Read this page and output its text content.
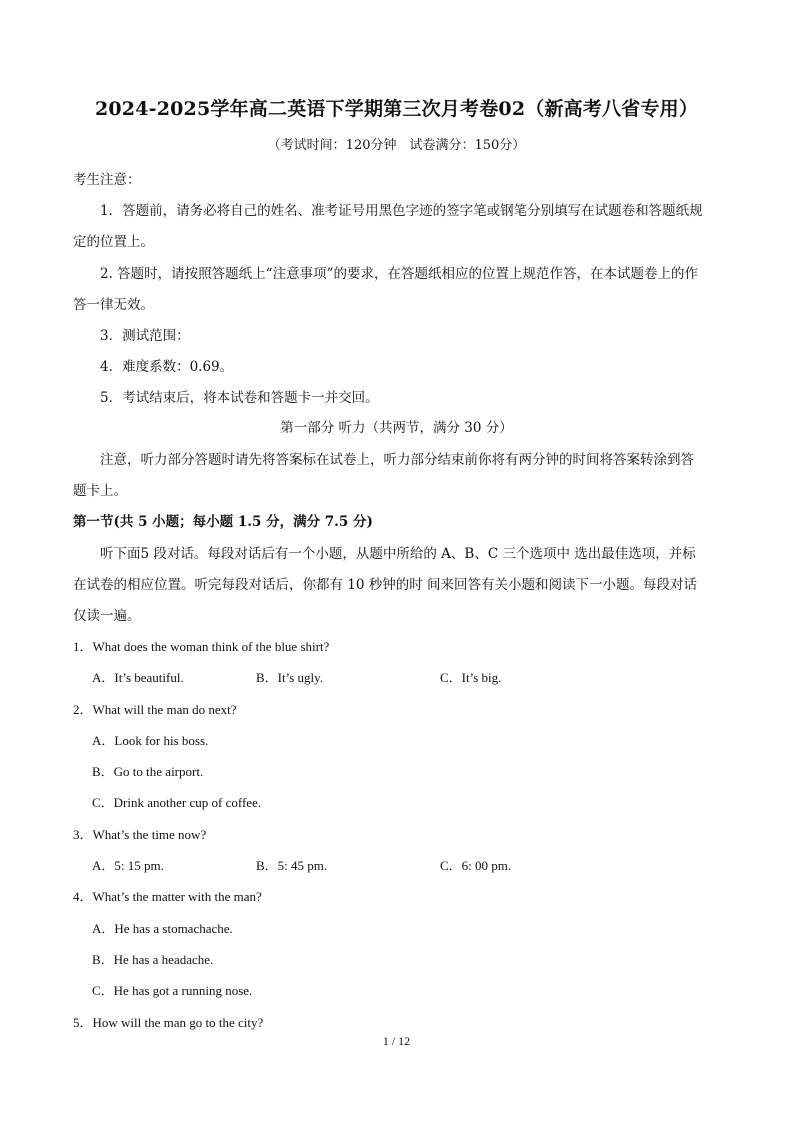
2024-2025学年高二英语下学期第三次月考卷02（新高考八省专用）
（考试时间：120分钟　试卷满分：150分）
考生注意：
1．答题前，请务必将自己的姓名、准考证号用黑色字迹的签字笔或钢笔分别填写在试题卷和答题纸规
定的位置上。
2. 答题时，请按照答题纸上“注意事项”的要求，在答题纸相应的位置上规范作答，在本试题卷上的作
答一律无效。
3．测试范围：
4．难度系数：0.69。
5．考试结束后，将本试卷和答题卡一并交回。
第一部分 听力（共两节，满分 30 分）
注意，听力部分答题时请先将答案标在试卷上，听力部分结束前你将有两分钟的时间将答案转涂到答
题卡上。
第一节(共 5 小题；每小题 1.5 分，满分 7.5 分)
听下面5 段对话。每段对话后有一个小题，从题中所给的 A、B、C 三个选项中 选出最佳选项，并标
在试卷的相应位置。听完每段对话后，你都有 10 秒钟的时 间来回答有关小题和阅读下一小题。每段对话
仅读一遍。
1．What does the woman think of the blue shirt?
A．It’s beautiful.	B．It’s ugly.	C．It’s big.
2．What will the man do next?
A．Look for his boss.
B．Go to the airport.
C．Drink another cup of coffee.
3．What’s the time now?
A．5: 15 pm.	B．5: 45 pm.	C．6: 00 pm.
4．What’s the matter with the man?
A．He has a stomachache.
B．He has a headache.
C．He has got a running nose.
5．How will the man go to the city?
1 / 12
